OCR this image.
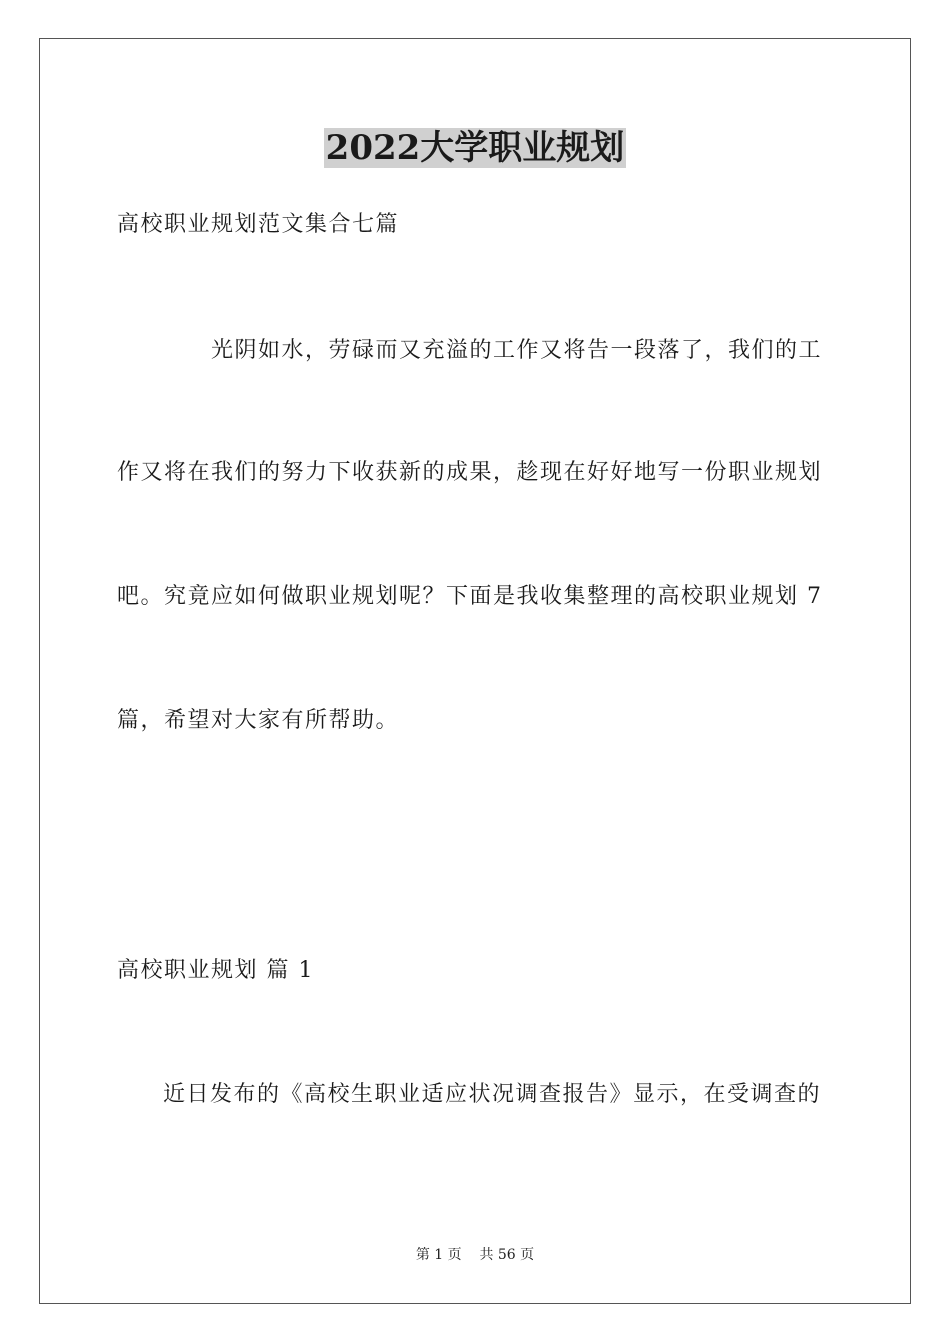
2022大学职业规划
高校职业规划范文集合七篇
光阴如水，劳碌而又充溢的工作又将告一段落了，我们的工
作又将在我们的努力下收获新的成果，趁现在好好地写一份职业规划
吧。究竟应如何做职业规划呢？下面是我收集整理的高校职业规划 7
篇，希望对大家有所帮助。
高校职业规划 篇 1
近日发布的《高校生职业适应状况调查报告》显示，在受调查的
第 1 页 共 56 页
